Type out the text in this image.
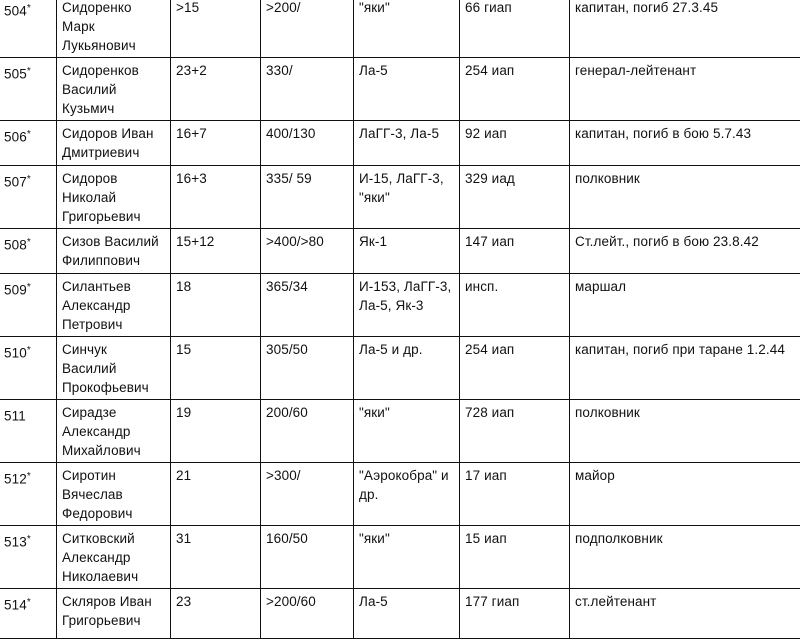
504*	Сидоренко Марк Лукьянович	>15	>200/	"яки"	66 гиап	капитан, погиб 27.3.45
505*	Сидоренков Василий Кузьмич	23+2	330/	Ла-5	254 иап	генерал-лейтенант
506*	Сидоров Иван Дмитриевич	16+7	400/130	ЛаГГ-3, Ла-5	92 иап	капитан, погиб в бою 5.7.43
507*	Сидоров Николай Григорьевич	16+3	335/ 59	И-15, ЛаГГ-3, "яки"	329 иад	полковник
508*	Сизов Василий Филиппович	15+12	>400/>80	Як-1	147 иап	Ст.лейт., погиб в бою 23.8.42
509*	Силантьев Александр Петрович	18	365/34	И-153, ЛаГГ-3, Ла-5, Як-3	инсп.	маршал
510*	Синчук Василий Прокофьевич	15	305/50	Ла-5 и др.	254 иап	капитан, погиб при таране 1.2.44
511	Сирадзе Александр Михайлович	19	200/60	"яки"	728 иап	полковник
512*	Сиротин Вячеслав Федорович	21	>300/	"Аэрокобра" и др.	17 иап	майор
513*	Ситковский Александр Николаевич	31	160/50	"яки"	15 иап	подполковник
514*	Скляров Иван Григорьевич	23	>200/60	Ла-5	177 гиап	ст.лейтенант
